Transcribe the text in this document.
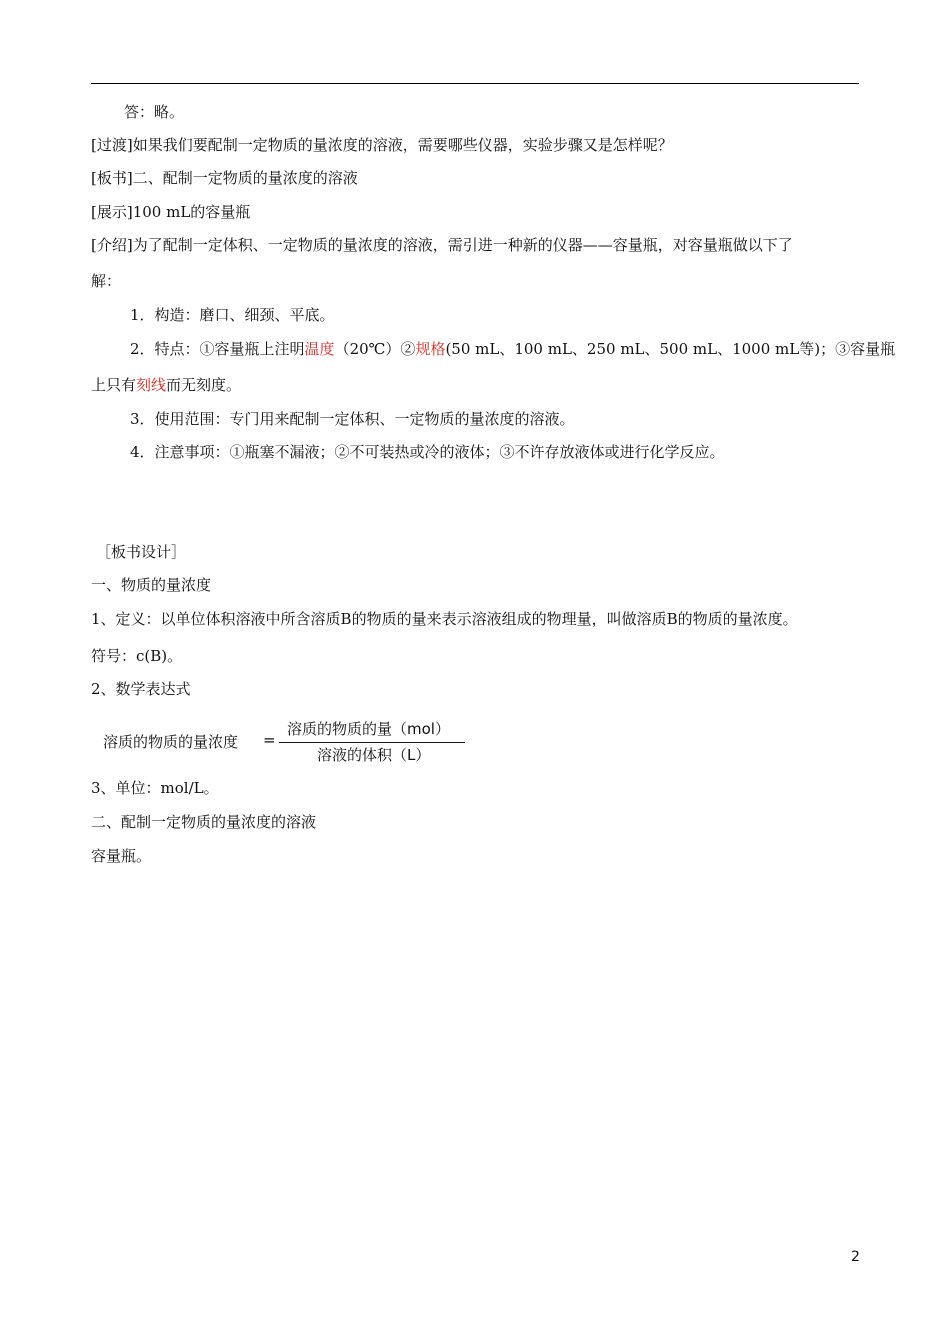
答：略。
[过渡]如果我们要配制一定物质的量浓度的溶液，需要哪些仪器，实验步骤又是怎样呢？
[板书]二、配制一定物质的量浓度的溶液
[展示]100 mL的容量瓶
[介绍]为了配制一定体积、一定物质的量浓度的溶液，需引进一种新的仪器——容量瓶，对容量瓶做以下了
解：
1．构造：磨口、细颈、平底。
2．特点：①容量瓶上注明温度（20℃）②规格(50 mL、100 mL、250 mL、500 mL、1000 mL等)；③容量瓶
上只有刻线而无刻度。
3．使用范围：专门用来配制一定体积、一定物质的量浓度的溶液。
4．注意事项：①瓶塞不漏液；②不可装热或冷的液体；③不许存放液体或进行化学反应。
［板书设计］
一、物质的量浓度
1、定义：以单位体积溶液中所含溶质B的物质的量来表示溶液组成的物理量，叫做溶质B的物质的量浓度。
符号：c(B)。
2、数学表达式
溶质的物质的量浓度 =
溶质的物质的量（mol）
溶液的体积（L）
3、单位：mol/L。
二、配制一定物质的量浓度的溶液
容量瓶。
2
